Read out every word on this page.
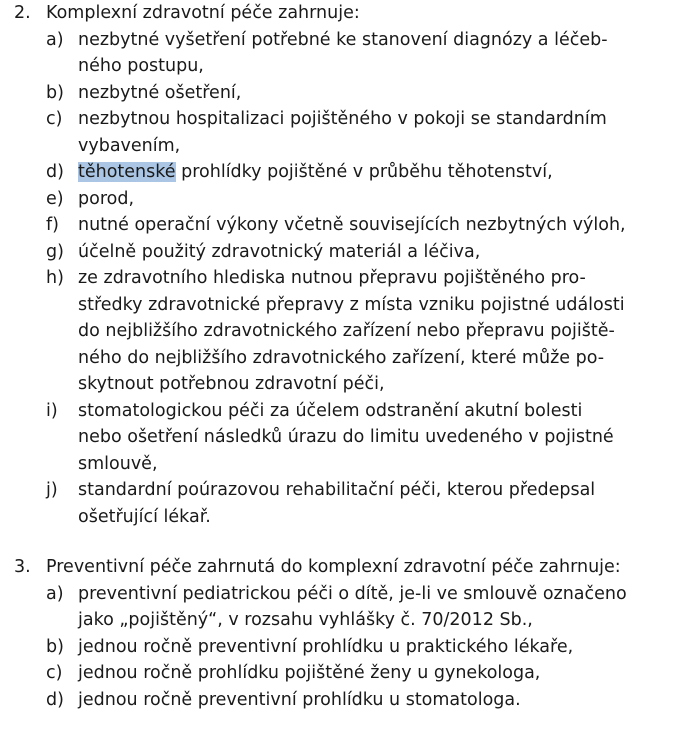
2. Komplexní zdravotní péče zahrnuje:
a) nezbytné vyšetření potřebné ke stanovení diagnózy a léčeb-
ného postupu,
b) nezbytné ošetření,
c) nezbytnou hospitalizaci pojištěného v pokoji se standardním
vybavením,
d) těhotenské prohlídky pojištěné v průběhu těhotenství,
e) porod,
f) nutné operační výkony včetně souvisejících nezbytných výloh,
g) účelně použitý zdravotnický materiál a léčiva,
h) ze zdravotního hlediska nutnou přepravu pojištěného pro-
středky zdravotnické přepravy z místa vzniku pojistné události
do nejbližšího zdravotnického zařízení nebo přepravu pojiště-
ného do nejbližšího zdravotnického zařízení, které může po-
skytnout potřebnou zdravotní péči,
i) stomatologickou péči za účelem odstranění akutní bolesti
nebo ošetření následků úrazu do limitu uvedeného v pojistné
smlouvě,
j) standardní poúrazovou rehabilitační péči, kterou předepsal
ošetřující lékař.
3. Preventivní péče zahrnutá do komplexní zdravotní péče zahrnuje:
a) preventivní pediatrickou péči o dítě, je-li ve smlouvě označeno
jako „pojištěný“, v rozsahu vyhlášky č. 70/2012 Sb.,
b) jednou ročně preventivní prohlídku u praktického lékaře,
c) jednou ročně prohlídku pojištěné ženy u gynekologa,
d) jednou ročně preventivní prohlídku u stomatologa.
